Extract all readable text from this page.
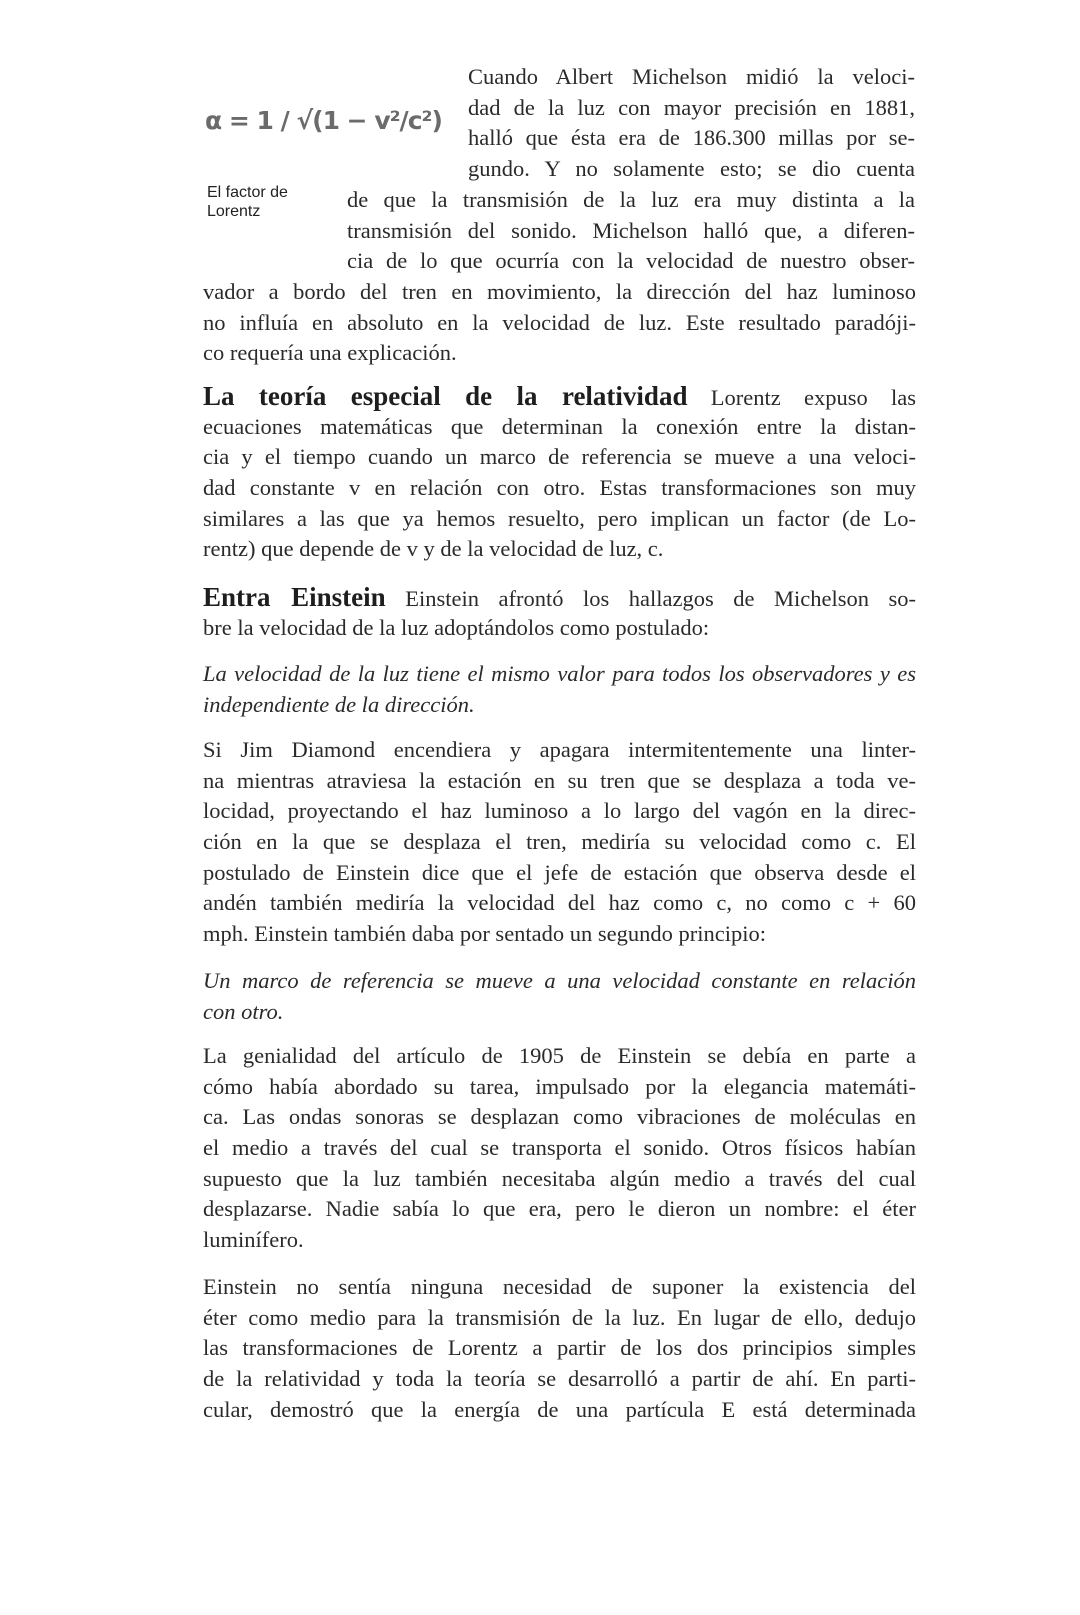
α = 1 / √(1 − v²/c²)
El factor de
Lorentz
Cuando Albert Michelson midió la veloci-
dad de la luz con mayor precisión en 1881,
halló que ésta era de 186.300 millas por se-
gundo. Y no solamente esto; se dio cuenta
de que la transmisión de la luz era muy distinta a la
transmisión del sonido. Michelson halló que, a diferen-
cia de lo que ocurría con la velocidad de nuestro obser-
vador a bordo del tren en movimiento, la dirección del haz luminoso
no influía en absoluto en la velocidad de luz. Este resultado paradóji-
co requería una explicación.
La teoría especial de la relatividad Lorentz expuso las
ecuaciones matemáticas que determinan la conexión entre la distan-
cia y el tiempo cuando un marco de referencia se mueve a una veloci-
dad constante v en relación con otro. Estas transformaciones son muy
similares a las que ya hemos resuelto, pero implican un factor (de Lo-
rentz) que depende de v y de la velocidad de luz, c.
Entra Einstein Einstein afrontó los hallazgos de Michelson so-
bre la velocidad de la luz adoptándolos como postulado:
La velocidad de la luz tiene el mismo valor para todos los observadores y es
independiente de la dirección.
Si Jim Diamond encendiera y apagara intermitentemente una linter-
na mientras atraviesa la estación en su tren que se desplaza a toda ve-
locidad, proyectando el haz luminoso a lo largo del vagón en la direc-
ción en la que se desplaza el tren, mediría su velocidad como c. El
postulado de Einstein dice que el jefe de estación que observa desde el
andén también mediría la velocidad del haz como c, no como c + 60
mph. Einstein también daba por sentado un segundo principio:
Un marco de referencia se mueve a una velocidad constante en relación
con otro.
La genialidad del artículo de 1905 de Einstein se debía en parte a
cómo había abordado su tarea, impulsado por la elegancia matemáti-
ca. Las ondas sonoras se desplazan como vibraciones de moléculas en
el medio a través del cual se transporta el sonido. Otros físicos habían
supuesto que la luz también necesitaba algún medio a través del cual
desplazarse. Nadie sabía lo que era, pero le dieron un nombre: el éter
luminífero.
Einstein no sentía ninguna necesidad de suponer la existencia del
éter como medio para la transmisión de la luz. En lugar de ello, dedujo
las transformaciones de Lorentz a partir de los dos principios simples
de la relatividad y toda la teoría se desarrolló a partir de ahí. En parti-
cular, demostró que la energía de una partícula E está determinada
